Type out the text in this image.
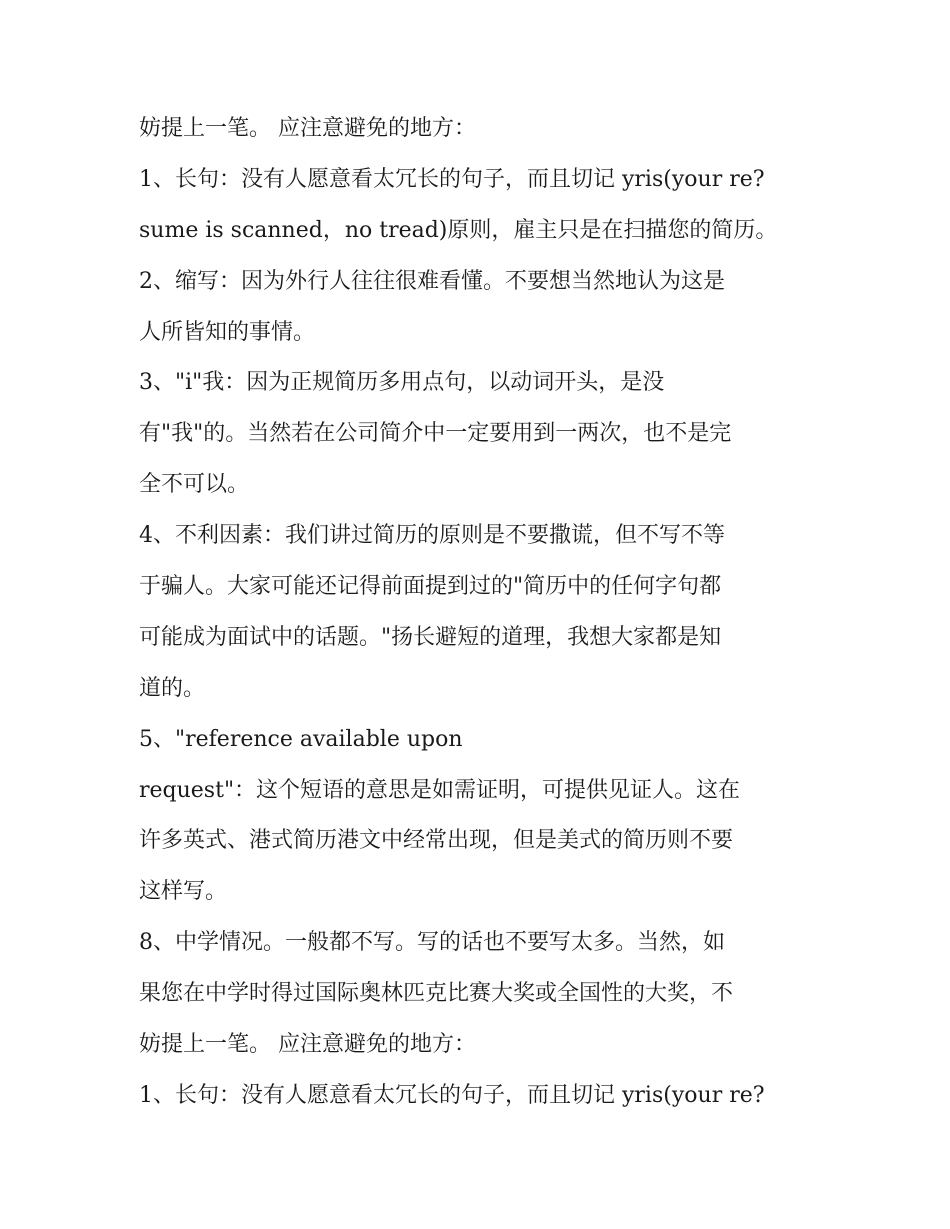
妨提上一笔。 应注意避免的地方：
1、长句：没有人愿意看太冗长的句子，而且切记 yris(your re?
sume is scanned，no tread)原则，雇主只是在扫描您的简历。
2、缩写：因为外行人往往很难看懂。不要想当然地认为这是
人所皆知的事情。
3、"i"我：因为正规简历多用点句，以动词开头，是没
有"我"的。当然若在公司简介中一定要用到一两次，也不是完
全不可以。
4、不利因素：我们讲过简历的原则是不要撒谎，但不写不等
于骗人。大家可能还记得前面提到过的"简历中的任何字句都
可能成为面试中的话题。"扬长避短的道理，我想大家都是知
道的。
5、"reference available upon
request"：这个短语的意思是如需证明，可提供见证人。这在
许多英式、港式简历港文中经常出现，但是美式的简历则不要
这样写。
8、中学情况。一般都不写。写的话也不要写太多。当然，如
果您在中学时得过国际奥林匹克比赛大奖或全国性的大奖，不
妨提上一笔。 应注意避免的地方：
1、长句：没有人愿意看太冗长的句子，而且切记 yris(your re?
